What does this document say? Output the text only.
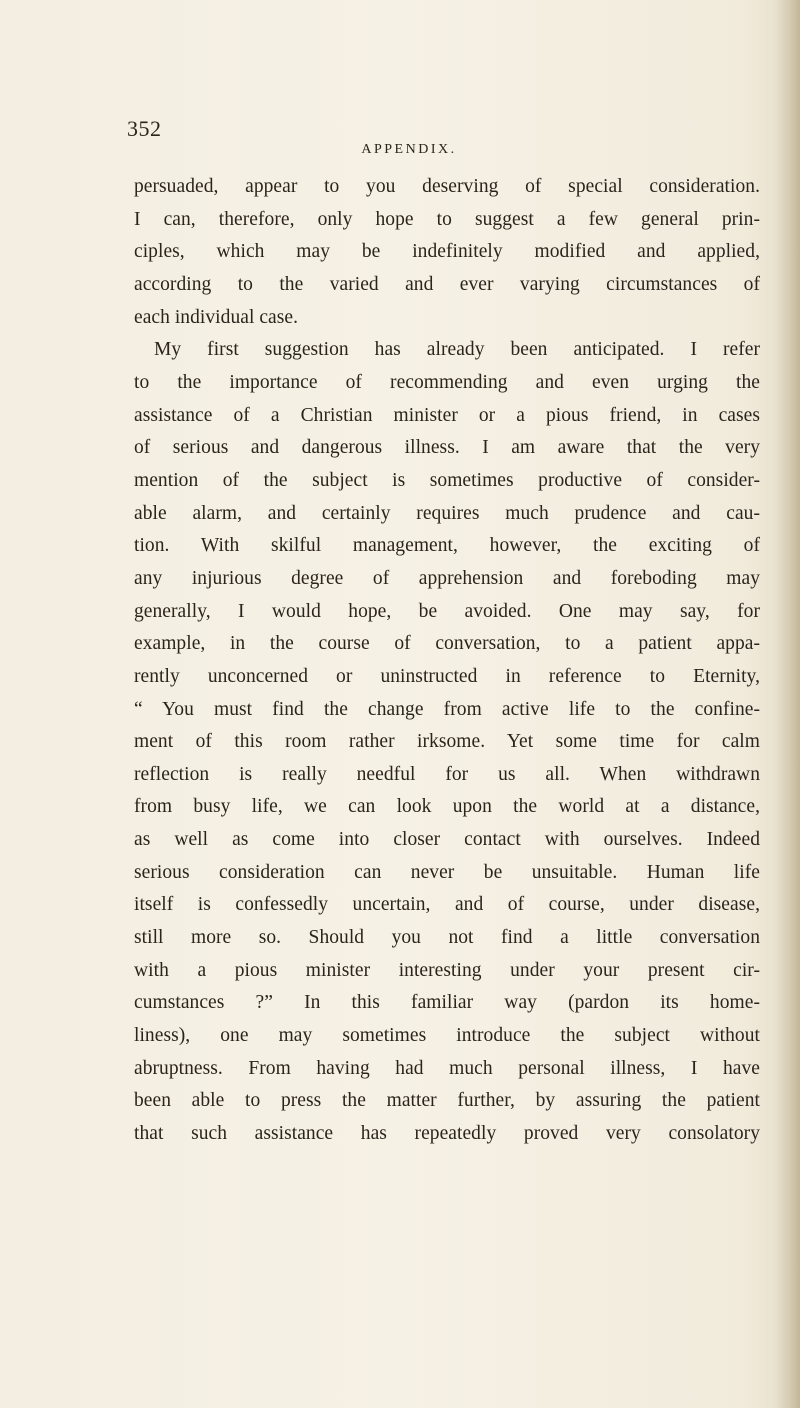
352
APPENDIX.
persuaded, appear to you deserving of special consideration.
I can, therefore, only hope to suggest a few general prin-
ciples, which may be indefinitely modified and applied,
according to the varied and ever varying circumstances of
each individual case.
My first suggestion has already been anticipated. I refer
to the importance of recommending and even urging the
assistance of a Christian minister or a pious friend, in cases
of serious and dangerous illness. I am aware that the very
mention of the subject is sometimes productive of consider-
able alarm, and certainly requires much prudence and cau-
tion. With skilful management, however, the exciting of
any injurious degree of apprehension and foreboding may
generally, I would hope, be avoided. One may say, for
example, in the course of conversation, to a patient appa-
rently unconcerned or uninstructed in reference to Eternity,
“ You must find the change from active life to the confine-
ment of this room rather irksome. Yet some time for calm
reflection is really needful for us all. When withdrawn
from busy life, we can look upon the world at a distance,
as well as come into closer contact with ourselves. Indeed
serious consideration can never be unsuitable. Human life
itself is confessedly uncertain, and of course, under disease,
still more so. Should you not find a little conversation
with a pious minister interesting under your present cir-
cumstances ?” In this familiar way (pardon its home-
liness), one may sometimes introduce the subject without
abruptness. From having had much personal illness, I have
been able to press the matter further, by assuring the patient
that such assistance has repeatedly proved very consolatory
